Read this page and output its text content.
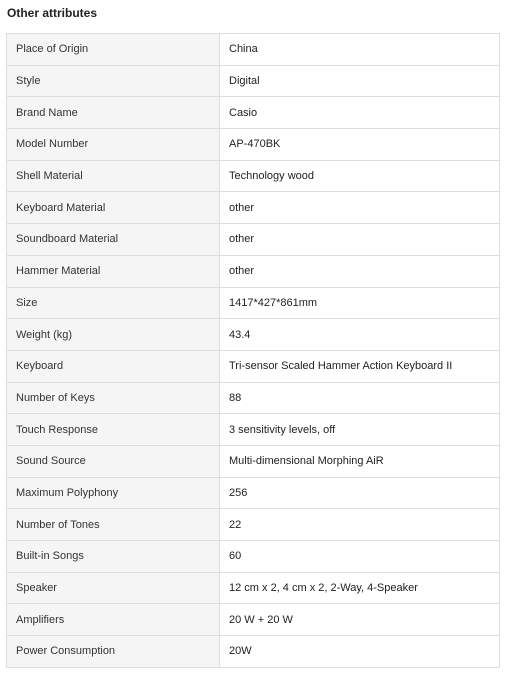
Other attributes
Place of Origin	China
Style	Digital
Brand Name	Casio
Model Number	AP-470BK
Shell Material	Technology wood
Keyboard Material	other
Soundboard Material	other
Hammer Material	other
Size	1417*427*861mm
Weight (kg)	43.4
Keyboard	Tri-sensor Scaled Hammer Action Keyboard II
Number of Keys	88
Touch Response	3 sensitivity levels, off
Sound Source	Multi-dimensional Morphing AiR
Maximum Polyphony	256
Number of Tones	22
Built-in Songs	60
Speaker	12 cm x 2, 4 cm x 2, 2-Way, 4-Speaker
Amplifiers	20 W + 20 W
Power Consumption	20W
